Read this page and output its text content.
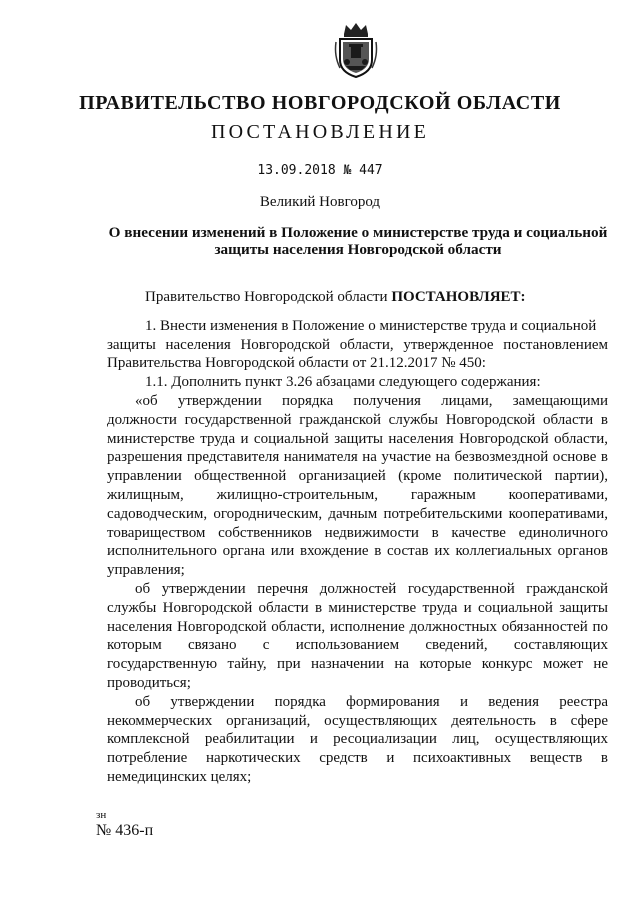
ПРАВИТЕЛЬСТВО НОВГОРОДСКОЙ ОБЛАСТИ
ПОСТАНОВЛЕНИЕ
13.09.2018 № 447
Великий Новгород
О внесении изменений в Положение о министерстве труда и социальной
защиты населения Новгородской области
Правительство Новгородской области ПОСТАНОВЛЯЕТ:
1. Внести изменения в Положение о министерстве труда и социальной
защиты населения Новгородской области, утвержденное постановлением
Правительства Новгородской области от 21.12.2017 № 450:
1.1. Дополнить пункт 3.26 абзацами следующего содержания:
«об утверждении порядка получения лицами, замещающими
должности государственной гражданской службы Новгородской области в
министерстве труда и социальной защиты населения Новгородской области,
разрешения представителя нанимателя на участие на безвозмездной основе в
управлении общественной организацией (кроме политической партии),
жилищным, жилищно-строительным, гаражным кооперативами,
садоводческим, огородническим, дачным потребительскими кооперативами,
товариществом собственников недвижимости в качестве единоличного
исполнительного органа или вхождение в состав их коллегиальных органов
управления;
об утверждении перечня должностей государственной гражданской
службы Новгородской области в министерстве труда и социальной защиты
населения Новгородской области, исполнение должностных обязанностей по
которым связано с использованием сведений, составляющих
государственную тайну, при назначении на которые конкурс может не
проводиться;
об утверждении порядка формирования и ведения реестра
некоммерческих организаций, осуществляющих деятельность в сфере
комплексной реабилитации и ресоциализации лиц, осуществляющих
потребление наркотических средств и психоактивных веществ в
немедицинских целях;
зн
№ 436-п
